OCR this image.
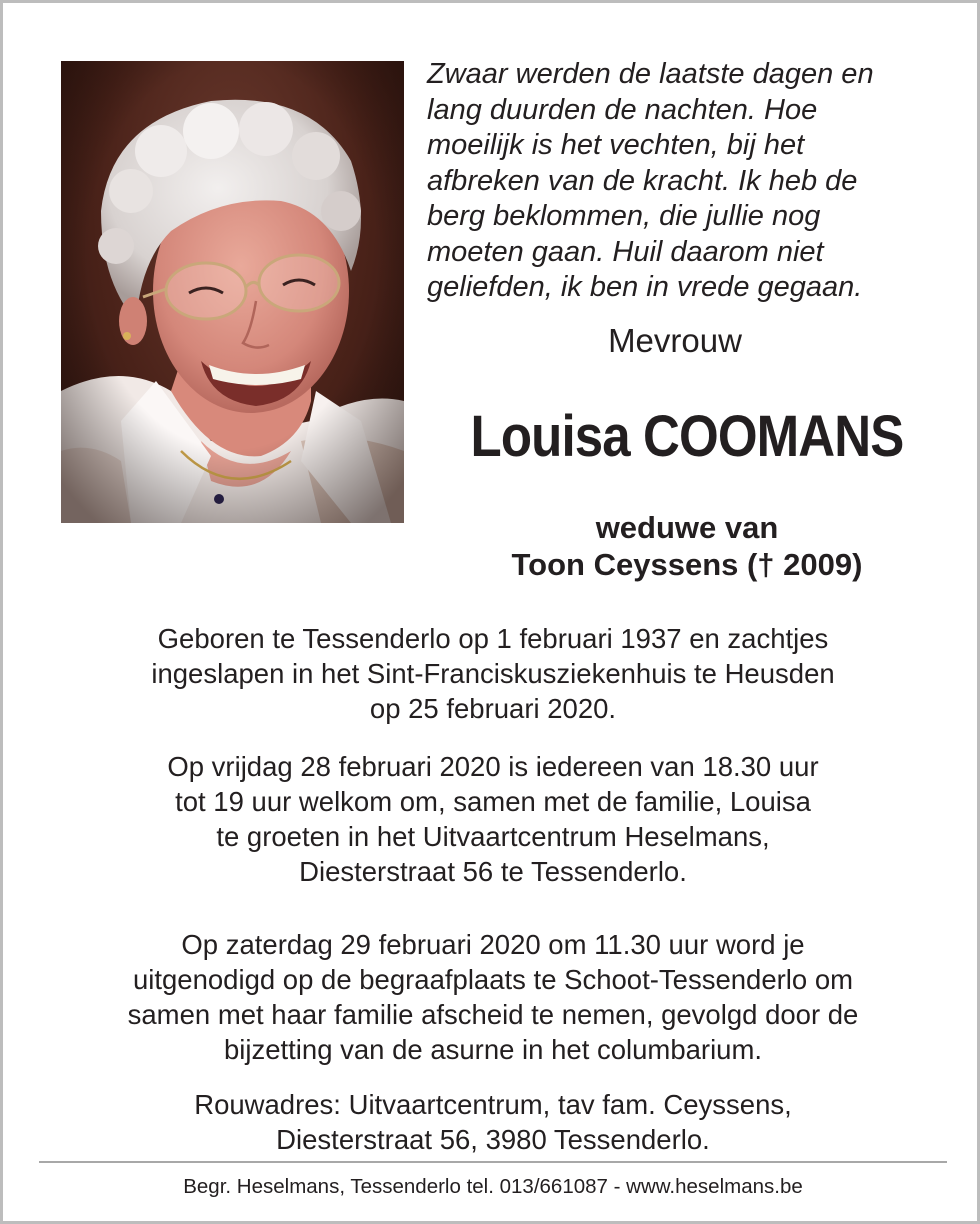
Zwaar werden de laatste dagen en
lang duurden de nachten. Hoe
moeilijk is het vechten, bij het
afbreken van de kracht. Ik heb de
berg beklommen, die jullie nog
moeten gaan. Huil daarom niet
geliefden, ik ben in vrede gegaan.
Mevrouw
Louisa COOMANS
weduwe van
Toon Ceyssens († 2009)
Geboren te Tessenderlo op 1 februari 1937 en zachtjes
ingeslapen in het Sint-Franciskusziekenhuis te Heusden
op 25 februari 2020.
Op vrijdag 28 februari 2020 is iedereen van 18.30 uur
tot 19 uur welkom om, samen met de familie, Louisa
te groeten in het Uitvaartcentrum Heselmans,
Diesterstraat 56 te Tessenderlo.
Op zaterdag 29 februari 2020 om 11.30 uur word je
uitgenodigd op de begraafplaats te Schoot-Tessenderlo om
samen met haar familie afscheid te nemen, gevolgd door de
bijzetting van de asurne in het columbarium.
Rouwadres: Uitvaartcentrum, tav fam. Ceyssens,
Diesterstraat 56, 3980 Tessenderlo.
Begr. Heselmans, Tessenderlo tel. 013/661087 - www.heselmans.be
